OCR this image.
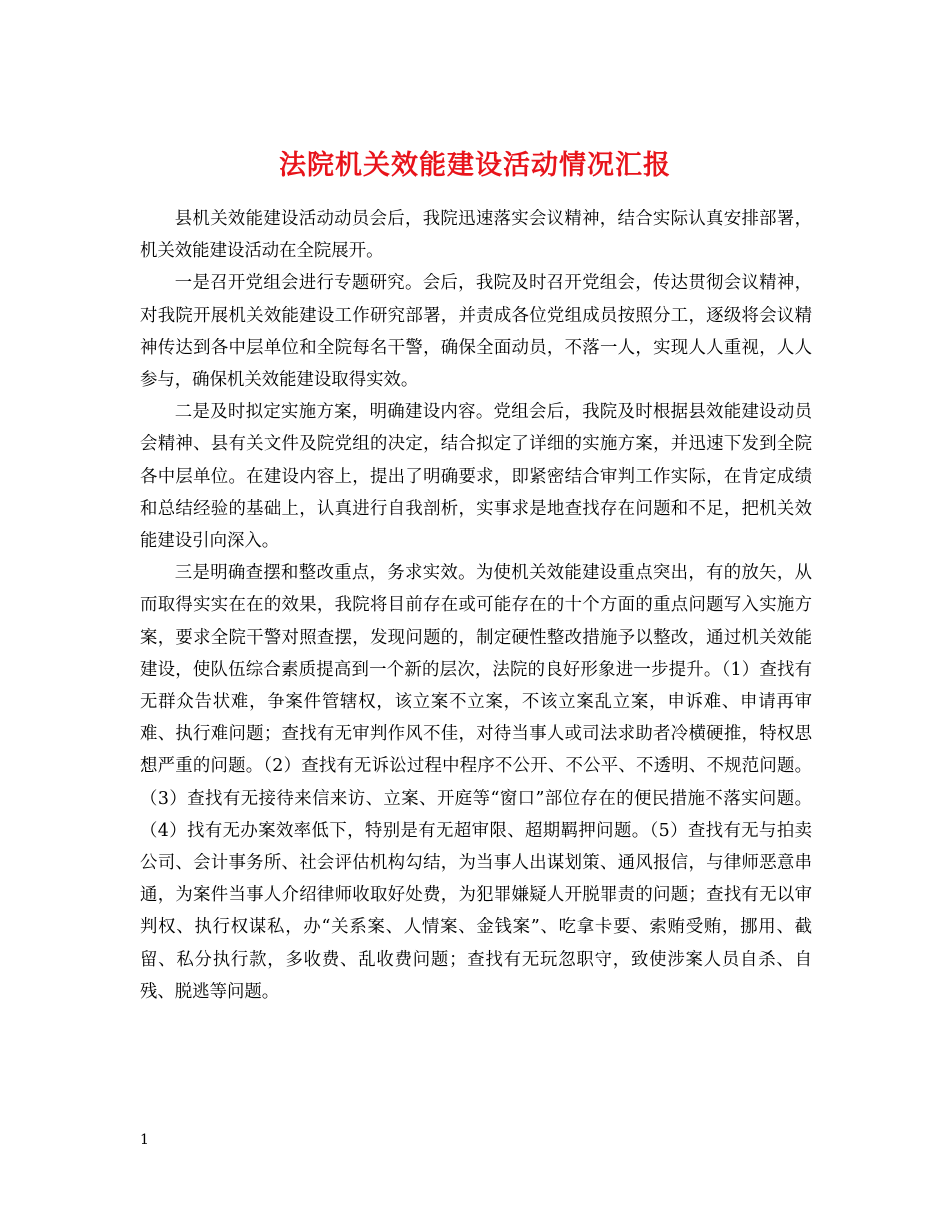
法院机关效能建设活动情况汇报

县机关效能建设活动动员会后，我院迅速落实会议精神，结合实际认真安排部署，机关效能建设活动在全院展开。

一是召开党组会进行专题研究。会后，我院及时召开党组会，传达贯彻会议精神，对我院开展机关效能建设工作研究部署，并责成各位党组成员按照分工，逐级将会议精神传达到各中层单位和全院每名干警，确保全面动员，不落一人，实现人人重视，人人参与，确保机关效能建设取得实效。

二是及时拟定实施方案，明确建设内容。党组会后，我院及时根据县效能建设动员会精神、县有关文件及院党组的决定，结合拟定了详细的实施方案，并迅速下发到全院各中层单位。在建设内容上，提出了明确要求，即紧密结合审判工作实际，在肯定成绩和总结经验的基础上，认真进行自我剖析，实事求是地查找存在问题和不足，把机关效能建设引向深入。

三是明确查摆和整改重点，务求实效。为使机关效能建设重点突出，有的放矢，从而取得实实在在的效果，我院将目前存在或可能存在的十个方面的重点问题写入实施方案，要求全院干警对照查摆，发现问题的，制定硬性整改措施予以整改，通过机关效能建设，使队伍综合素质提高到一个新的层次，法院的良好形象进一步提升。（1）查找有无群众告状难，争案件管辖权，该立案不立案，不该立案乱立案，申诉难、申请再审难、执行难问题；查找有无审判作风不佳，对待当事人或司法求助者冷横硬推，特权思想严重的问题。（2）查找有无诉讼过程中程序不公开、不公平、不透明、不规范问题。（3）查找有无接待来信来访、立案、开庭等“窗口”部位存在的便民措施不落实问题。（4）找有无办案效率低下，特别是有无超审限、超期羁押问题。（5）查找有无与拍卖公司、会计事务所、社会评估机构勾结，为当事人出谋划策、通风报信，与律师恶意串通，为案件当事人介绍律师收取好处费，为犯罪嫌疑人开脱罪责的问题；查找有无以审判权、执行权谋私，办“关系案、人情案、金钱案”、吃拿卡要、索贿受贿，挪用、截留、私分执行款，多收费、乱收费问题；查找有无玩忽职守，致使涉案人员自杀、自残、脱逃等问题。

1
